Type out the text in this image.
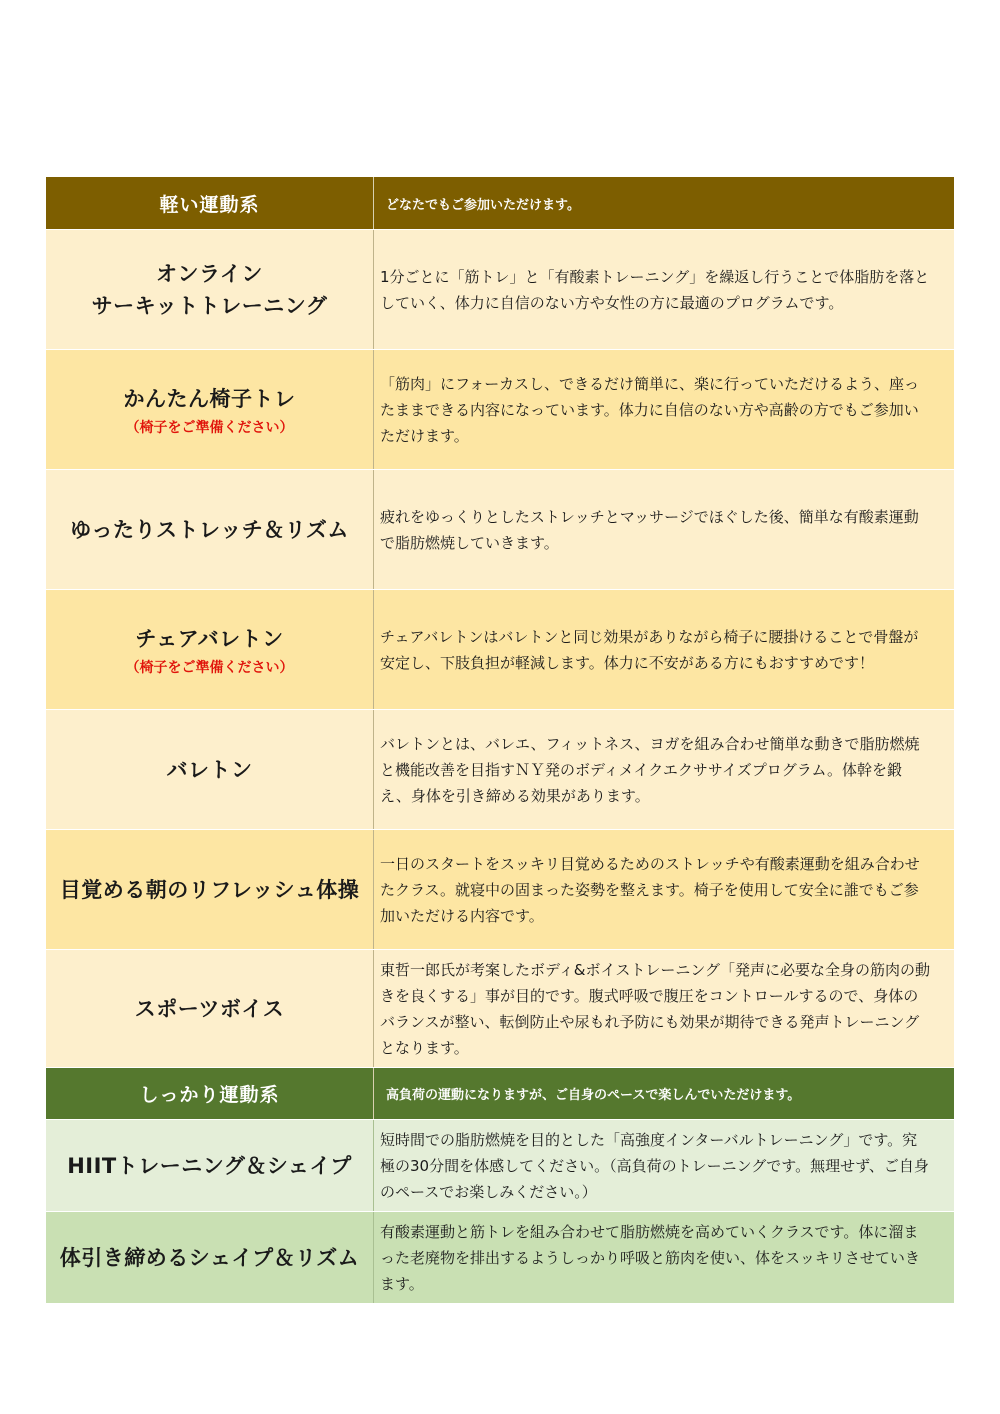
軽い運動系	どなたでもご参加いただけます。
オンライン
サーキットトレーニング
1分ごとに「筋トレ」と「有酸素トレーニング」を繰返し行うことで体脂肪を落としていく、体力に自信のない方や女性の方に最適のプログラムです。
かんたん椅子トレ
（椅子をご準備ください）
「筋肉」にフォーカスし、できるだけ簡単に、楽に行っていただけるよう、座ったままできる内容になっています。体力に自信のない方や高齢の方でもご参加いただけます。
ゆったりストレッチ＆リズム
疲れをゆっくりとしたストレッチとマッサージでほぐした後、簡単な有酸素運動で脂肪燃焼していきます。
チェアバレトン
（椅子をご準備ください）
チェアバレトンはバレトンと同じ効果がありながら椅子に腰掛けることで骨盤が安定し、下肢負担が軽減します。体力に不安がある方にもおすすめです！
バレトン
バレトンとは、バレエ、フィットネス、ヨガを組み合わせ簡単な動きで脂肪燃焼と機能改善を目指すＮＹ発のボディメイクエクササイズプログラム。体幹を鍛え、身体を引き締める効果があります。
目覚める朝のリフレッシュ体操
一日のスタートをスッキリ目覚めるためのストレッチや有酸素運動を組み合わせたクラス。就寝中の固まった姿勢を整えます。椅子を使用して安全に誰でもご参加いただける内容です。
スポーツボイス
東哲一郎氏が考案したボディ&ボイストレーニング「発声に必要な全身の筋肉の動きを良くする」事が目的です。腹式呼吸で腹圧をコントロールするので、身体のバランスが整い、転倒防止や尿もれ予防にも効果が期待できる発声トレーニングとなります。
しっかり運動系	高負荷の運動になりますが、ご自身のペースで楽しんでいただけます。
HIITトレーニング＆シェイプ
短時間での脂肪燃焼を目的とした「高強度インターバルトレーニング」です。究極の30分間を体感してください。（高負荷のトレーニングです。無理せず、ご自身のペースでお楽しみください。）
体引き締めるシェイプ＆リズム
有酸素運動と筋トレを組み合わせて脂肪燃焼を高めていくクラスです。体に溜まった老廃物を排出するようしっかり呼吸と筋肉を使い、体をスッキリさせていきます。
